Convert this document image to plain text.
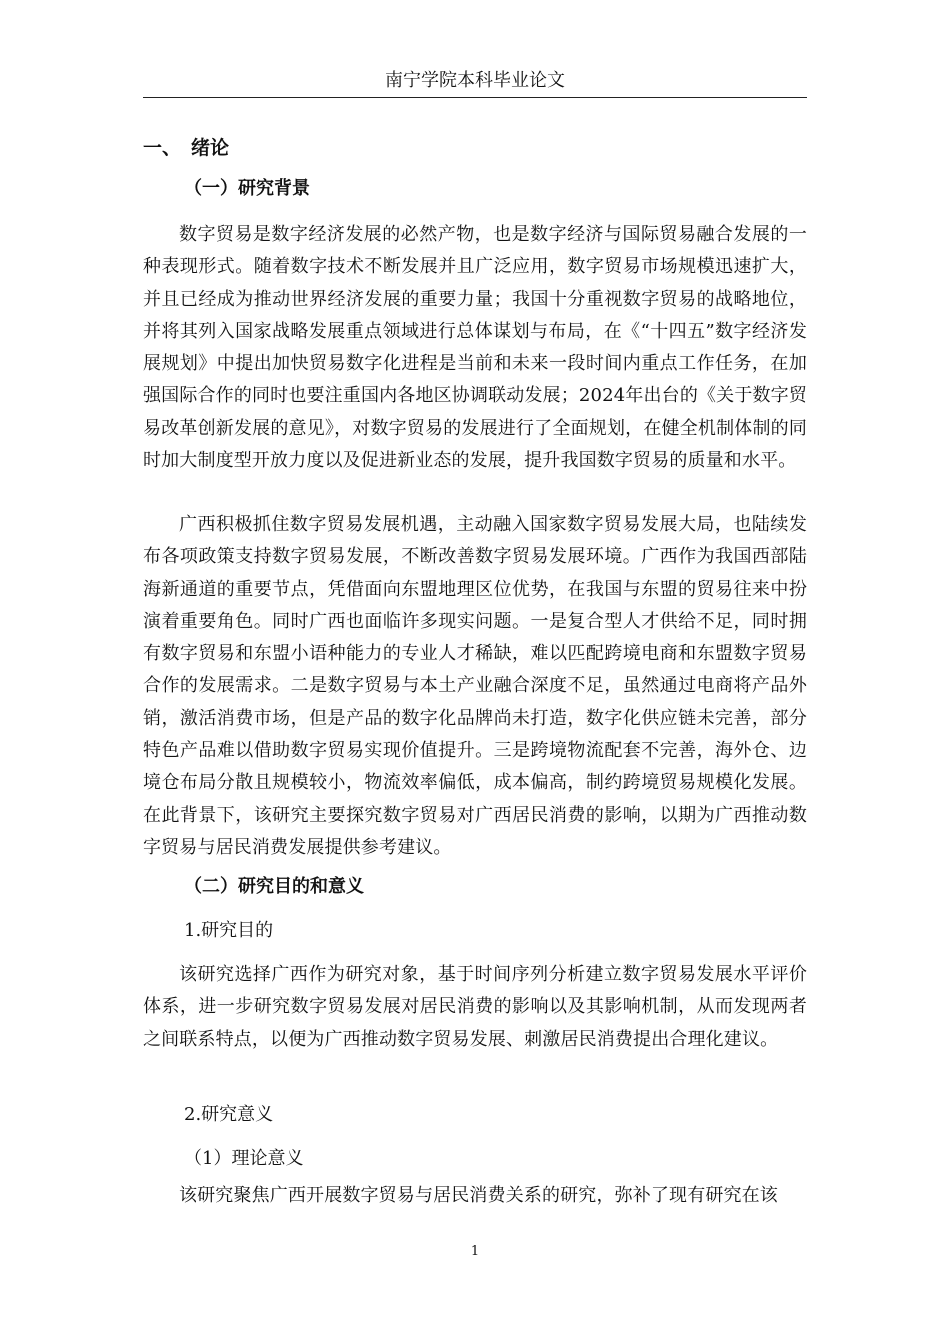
南宁学院本科毕业论文
一、 绪论
（一）研究背景

数字贸易是数字经济发展的必然产物，也是数字经济与国际贸易融合发展的一种表现形式。随着数字技术不断发展并且广泛应用，数字贸易市场规模迅速扩大，并且已经成为推动世界经济发展的重要力量；我国十分重视数字贸易的战略地位，并将其列入国家战略发展重点领域进行总体谋划与布局，在《“十四五”数字经济发展规划》中提出加快贸易数字化进程是当前和未来一段时间内重点工作任务，在加强国际合作的同时也要注重国内各地区协调联动发展；2024年出台的《关于数字贸易改革创新发展的意见》，对数字贸易的发展进行了全面规划，在健全机制体制的同时加大制度型开放力度以及促进新业态的发展，提升我国数字贸易的质量和水平。

广西积极抓住数字贸易发展机遇，主动融入国家数字贸易发展大局，也陆续发布各项政策支持数字贸易发展，不断改善数字贸易发展环境。广西作为我国西部陆海新通道的重要节点，凭借面向东盟地理区位优势，在我国与东盟的贸易往来中扮演着重要角色。同时广西也面临许多现实问题。一是复合型人才供给不足，同时拥有数字贸易和东盟小语种能力的专业人才稀缺，难以匹配跨境电商和东盟数字贸易合作的发展需求。二是数字贸易与本土产业融合深度不足，虽然通过电商将产品外销，激活消费市场，但是产品的数字化品牌尚未打造，数字化供应链未完善，部分特色产品难以借助数字贸易实现价值提升。三是跨境物流配套不完善，海外仓、边境仓布局分散且规模较小，物流效率偏低，成本偏高，制约跨境贸易规模化发展。在此背景下，该研究主要探究数字贸易对广西居民消费的影响，以期为广西推动数字贸易与居民消费发展提供参考建议。

（二）研究目的和意义
1.研究目的

该研究选择广西作为研究对象，基于时间序列分析建立数字贸易发展水平评价体系，进一步研究数字贸易发展对居民消费的影响以及其影响机制，从而发现两者之间联系特点，以便为广西推动数字贸易发展、刺激居民消费提出合理化建议。

2.研究意义
（1）理论意义

该研究聚焦广西开展数字贸易与居民消费关系的研究，弥补了现有研究在该

1
